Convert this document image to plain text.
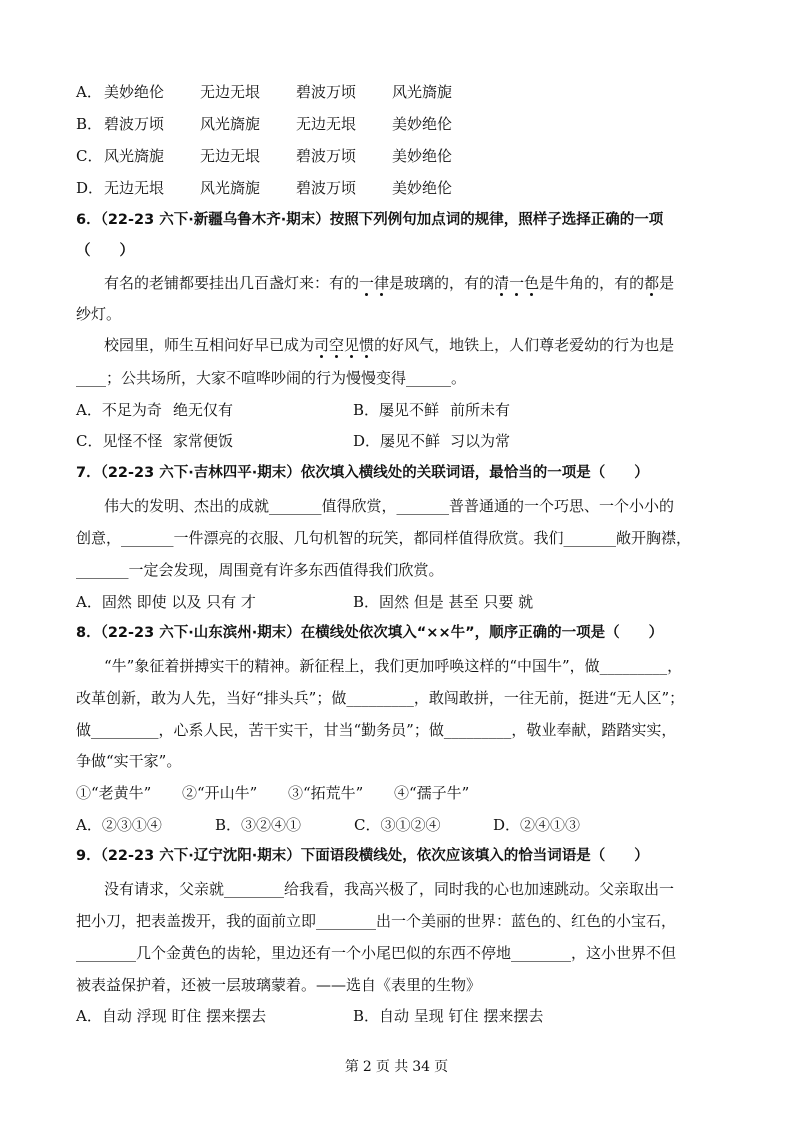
A． 美妙绝伦 无边无垠 碧波万顷 风光旖旎
B． 碧波万顷 风光旖旎 无边无垠 美妙绝伦
C． 风光旖旎 无边无垠 碧波万顷 美妙绝伦
D．无边无垠 风光旖旎 碧波万顷 美妙绝伦
6．（22-23 六下·新疆乌鲁木齐·期末）按照下列例句加点词的规律，照样子选择正确的一项
（　　）
有名的老铺都要挂出几百盏灯来：有的一律是玻璃的，有的清一色是牛角的，有的都是
纱灯。
校园里，师生互相问好早已成为司空见惯的好风气，地铁上，人们尊老爱幼的行为也是
____；公共场所，大家不喧哗吵闹的行为慢慢变得______。
A．不足为奇 绝无仅有	B．屡见不鲜 前所未有
C．见怪不怪 家常便饭	D．屡见不鲜 习以为常
7．（22-23 六下·吉林四平·期末）依次填入横线处的关联词语，最恰当的一项是（　　）
伟大的发明、杰出的成就_______值得欣赏，_______普普通通的一个巧思、一个小小的
创意，_______一件漂亮的衣服、几句机智的玩笑，都同样值得欣赏。我们_______敞开胸襟，
_______一定会发现，周围竟有许多东西值得我们欣赏。
A．固然 即使 以及 只有 才	B．固然 但是 甚至 只要 就
8．（22-23 六下·山东滨州·期末）在横线处依次填入“××牛”，顺序正确的一项是（　　）
“牛”象征着拼搏实干的精神。新征程上，我们更加呼唤这样的“中国牛”，做_________，
改革创新，敢为人先，当好“排头兵”；做_________，敢闯敢拼，一往无前，挺进“无人区”；
做_________，心系人民，苦干实干，甘当“勤务员”；做_________，敬业奉献，踏踏实实，
争做“实干家”。
①“老黄牛” ②“开山牛” ③“拓荒牛” ④“孺子牛”
A．②③①④	B．③②④①	C．③①②④	D．②④①③
9．（22-23 六下·辽宁沈阳·期末）下面语段横线处，依次应该填入的恰当词语是（　　）
没有请求，父亲就________给我看，我高兴极了，同时我的心也加速跳动。父亲取出一
把小刀，把表盖拨开，我的面前立即________出一个美丽的世界：蓝色的、红色的小宝石，
________几个金黄色的齿轮，里边还有一个小尾巴似的东西不停地________，这小世界不但
被表益保护着，还被一层玻璃蒙着。——选自《表里的生物》
A．自动 浮现 盯住 摆来摆去	B．自动 呈现 钉住 摆来摆去
第 2 页 共 34 页
